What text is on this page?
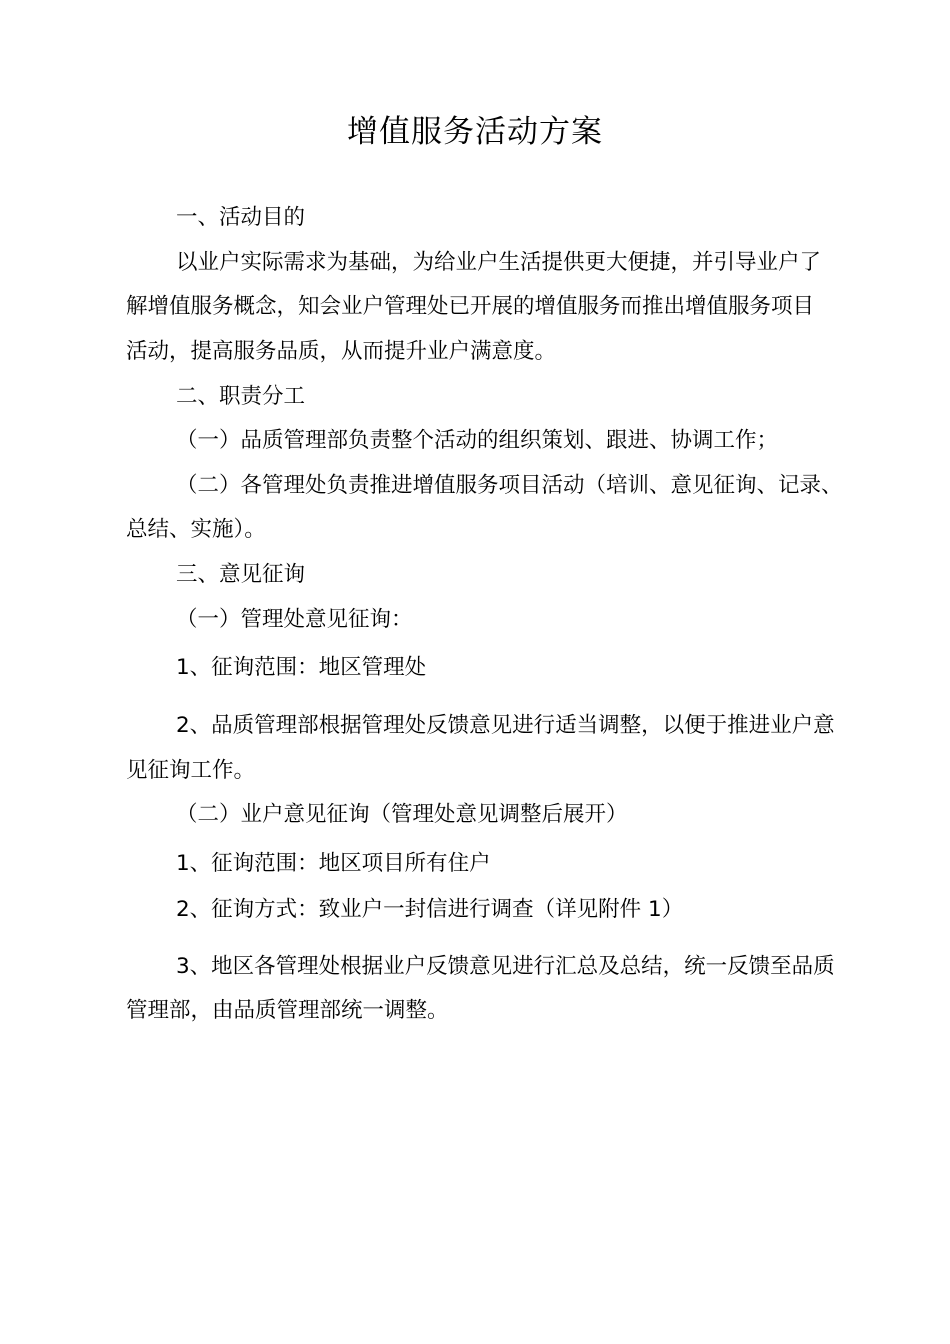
增值服务活动方案
一、活动目的
以业户实际需求为基础，为给业户生活提供更大便捷，并引导业户了
解增值服务概念，知会业户管理处已开展的增值服务而推出增值服务项目
活动，提高服务品质，从而提升业户满意度。
二、职责分工
（一）品质管理部负责整个活动的组织策划、跟进、协调工作；
（二）各管理处负责推进增值服务项目活动（培训、意见征询、记录、
总结、实施）。
三、意见征询
（一）管理处意见征询：
1、征询范围：地区管理处
2、品质管理部根据管理处反馈意见进行适当调整，以便于推进业户意
见征询工作。
（二）业户意见征询（管理处意见调整后展开）
1、征询范围：地区项目所有住户
2、征询方式：致业户一封信进行调查（详见附件 1）
3、地区各管理处根据业户反馈意见进行汇总及总结，统一反馈至品质
管理部，由品质管理部统一调整。
